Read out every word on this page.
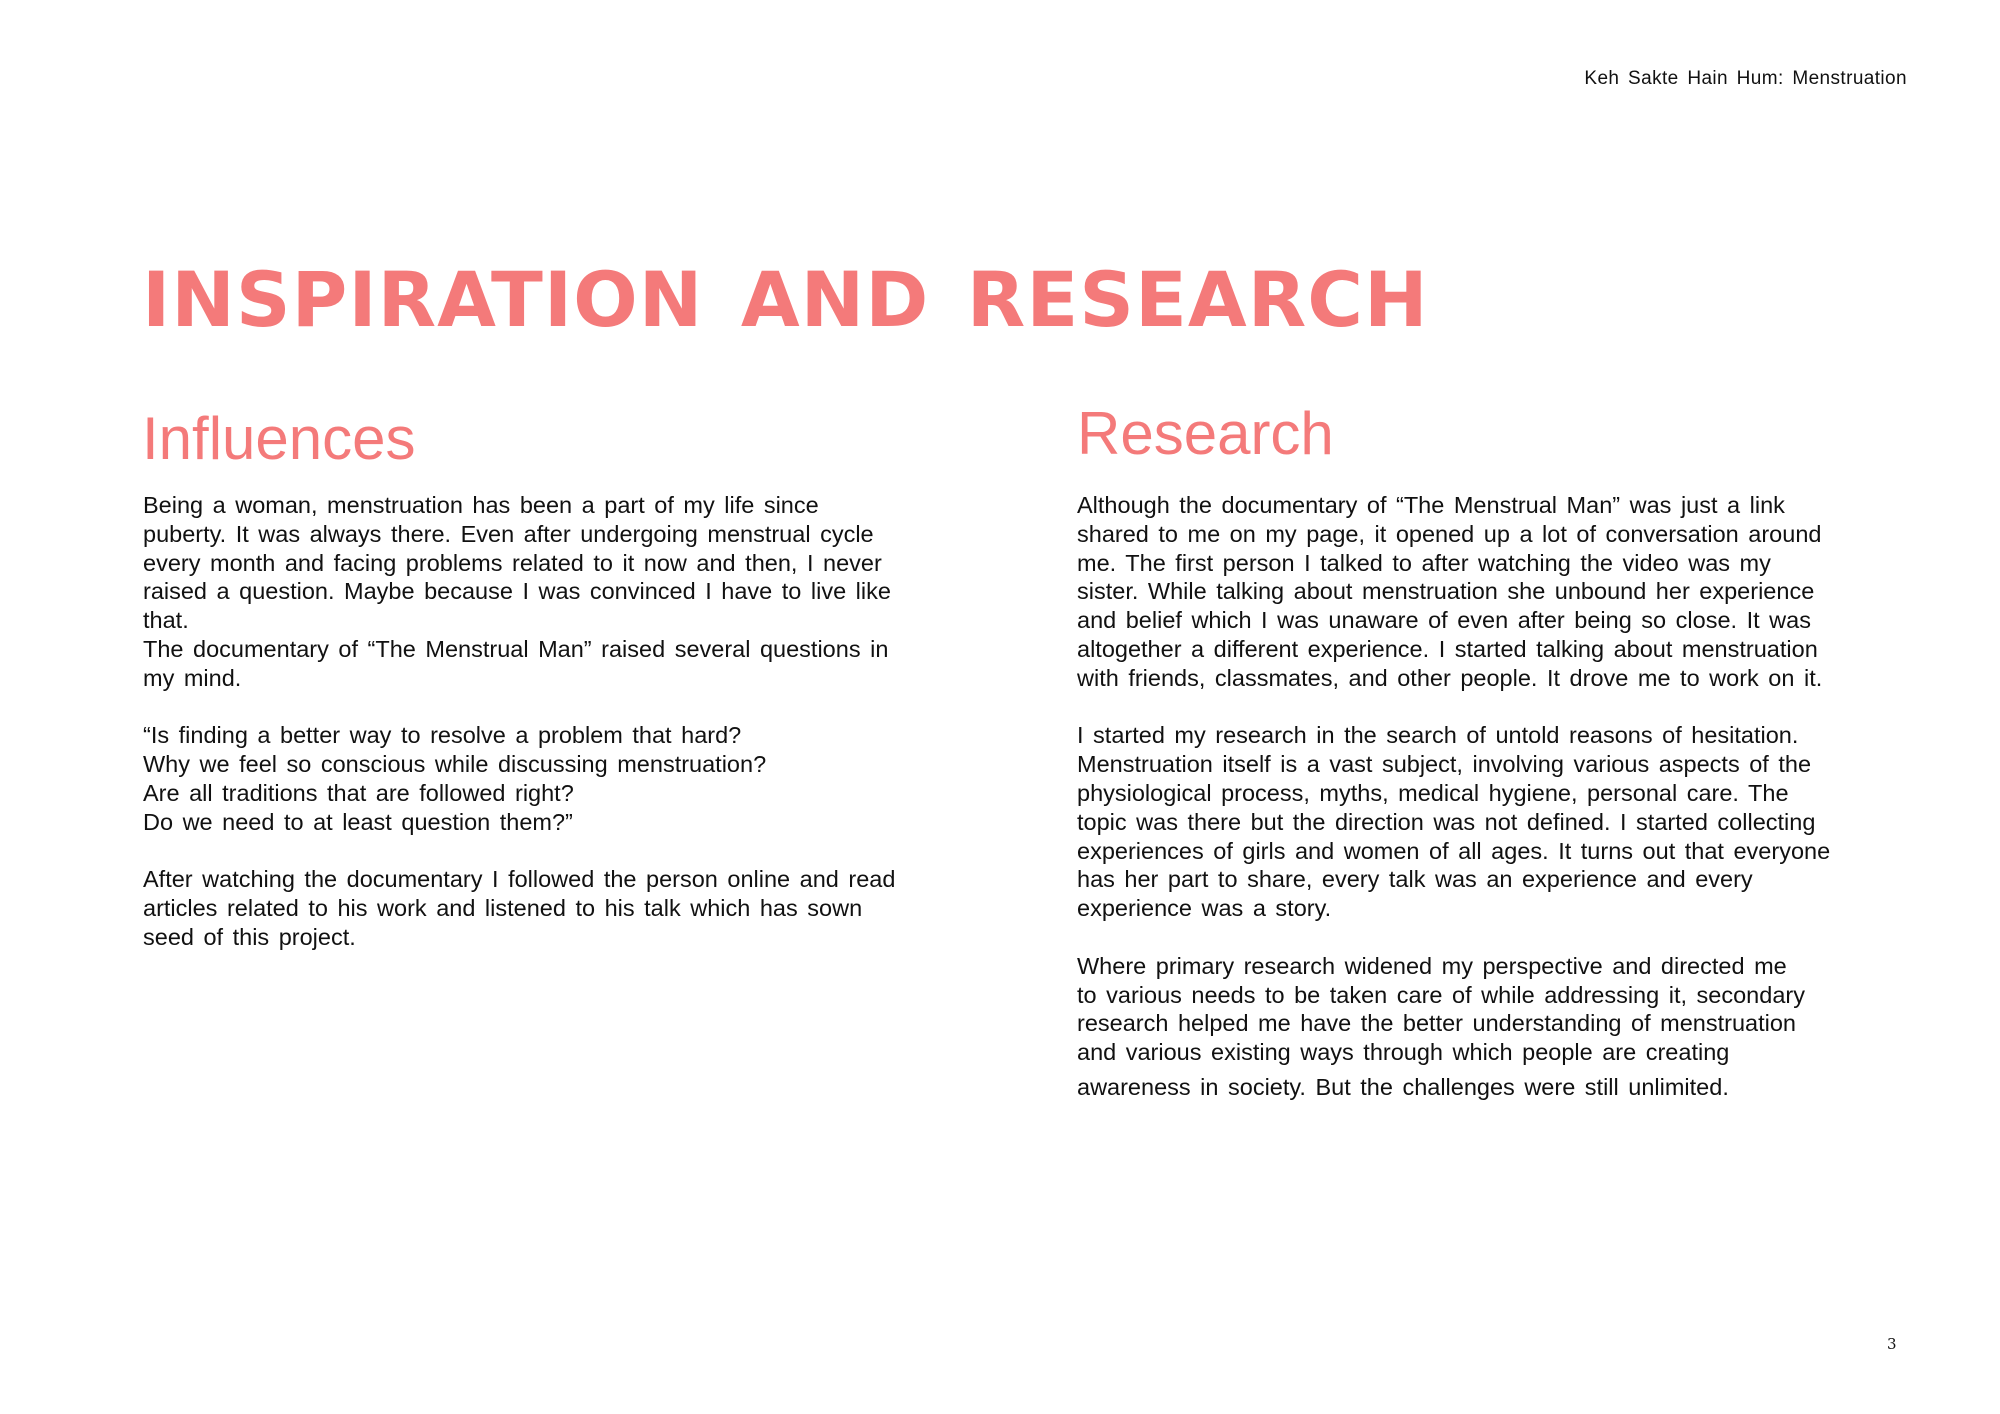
Keh Sakte Hain Hum: Menstruation
INSPIRATION AND RESEARCH
Influences	Research
Being a woman, menstruation has been a part of my life since
puberty. It was always there. Even after undergoing menstrual cycle
every month and facing problems related to it now and then, I never
raised a question. Maybe because I was convinced I have to live like
that.
The documentary of “The Menstrual Man” raised several questions in
my mind.
“Is finding a better way to resolve a problem that hard?
Why we feel so conscious while discussing menstruation?
Are all traditions that are followed right?
Do we need to at least question them?”
After watching the documentary I followed the person online and read
articles related to his work and listened to his talk which has sown
seed of this project.
Although the documentary of “The Menstrual Man” was just a link
shared to me on my page, it opened up a lot of conversation around
me. The first person I talked to after watching the video was my
sister. While talking about menstruation she unbound her experience
and belief which I was unaware of even after being so close. It was
altogether a different experience. I started talking about menstruation
with friends, classmates, and other people. It drove me to work on it.
I started my research in the search of untold reasons of hesitation.
Menstruation itself is a vast subject, involving various aspects of the
physiological process, myths, medical hygiene, personal care. The
topic was there but the direction was not defined. I started collecting
experiences of girls and women of all ages. It turns out that everyone
has her part to share, every talk was an experience and every
experience was a story.
Where primary research widened my perspective and directed me
to various needs to be taken care of while addressing it, secondary
research helped me have the better understanding of menstruation
and various existing ways through which people are creating
awareness in society. But the challenges were still unlimited.
3
